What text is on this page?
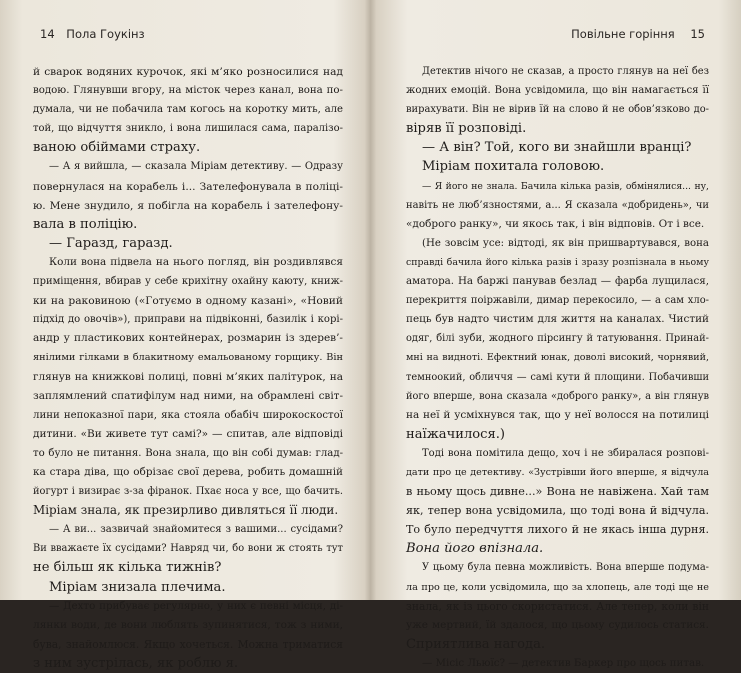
14 Пола Гоукінз
й сварок водяних курочок, які м’яко розносилися над
водою. Глянувши вгору, на місток через канал, вона по-
думала, чи не побачила там когось на коротку мить, але
той, що відчуття зникло, і вона лишилася сама, паралізо-
ваною обіймами страху.
— А я вийшла, — сказала Міріам детективу. — Одразу
повернулася на корабель і... Зателефонувала в поліці-
ю. Мене знудило, я побігла на корабель і зателефону-
вала в поліцію.
— Гаразд, гаразд.
Коли вона підвела на нього погляд, він роздивлявся
приміщення, вбирав у себе крихітну охайну каюту, книж-
ки на раковиною («Готуємо в одному казані», «Новий
підхід до овочів»), приправи на підвіконні, базилік і корі-
андр у пластикових контейнерах, розмарин із здерев’-
янілими гілками в блакитному емальованому горщику. Він
глянув на книжкові полиці, повні м’яких палітурок, на
заплямлений спатифілум над ними, на обрамлені світ-
лини непоказної пари, яка стояла обабіч широкоскостої
дитини. «Ви живете тут самі?» — спитав, але відповіді
то було не питання. Вона знала, що він собі думав: глад-
ка стара діва, що обрізає свої дерева, робить домашній
йогурт і визирає з-за фіранок. Пхає носа у все, що бачить.
Міріам знала, як презирливо дивляться її люди.
— А ви... зазвичай знайомитеся з вашими... сусідами?
Ви вважаєте їх сусідами? Навряд чи, бо вони ж стоять тут
не більш як кілька тижнів?
Міріам знизала плечима.
— Дехто прибуває регулярно, у них є певні місця, ді-
лянки води, де вони люблять зупинятися, тож з ними,
бува, знайомлюся. Якщо хочеться. Можна триматися
з ним зустрілась, як роблю я.
Повільне горіння 15
Детектив нічого не сказав, а просто глянув на неї без
жодних емоцій. Вона усвідомила, що він намагається її
вирахувати. Він не вірив їй на слово й не обов’язково до-
віряв її розповіді.
— А він? Той, кого ви знайшли вранці?
Міріам похитала головою.
— Я його не знала. Бачила кілька разів, обмінялися... ну,
навіть не люб’язностями, а... Я сказала «добридень», чи
«доброго ранку», чи якось так, і він відповів. От і все.
(Не зовсім усе: відтоді, як він пришвартувався, вона
справді бачила його кілька разів і зразу розпізнала в ньому
аматора. На баржі панував безлад — фарба лущилася,
перекриття поіржавіли, димар перекосило, — а сам хло-
пець був надто чистим для життя на каналах. Чистий
одяг, білі зуби, жодного пірсингу й татуювання. Принай-
мні на видноті. Ефектний юнак, доволі високий, чорнявий,
темноокий, обличчя — самі кути й площини. Побачивши
його вперше, вона сказала «доброго ранку», а він глянув
на неї й усміхнувся так, що у неї волосся на потилиці
наїжачилося.)
Тоді вона помітила дещо, хоч і не збиралася розпові-
дати про це детективу. «Зустрівши його вперше, я відчула
в ньому щось дивне...» Вона не навіжена. Хай там
як, тепер вона усвідомила, що тоді вона й відчула.
То було передчуття лихого й не якась інша дурня.
Вона його впізнала.
У цьому була певна можливість. Вона вперше подума-
ла про це, коли усвідомила, що за хлопець, але тоді ще не
знала, як із цього скористатися. Але тепер, коли він
уже мертвий, їй здалося, що цьому судилось статися.
Сприятлива нагода.
— Місіс Льюїс? — детектив Баркер про щось питав.
